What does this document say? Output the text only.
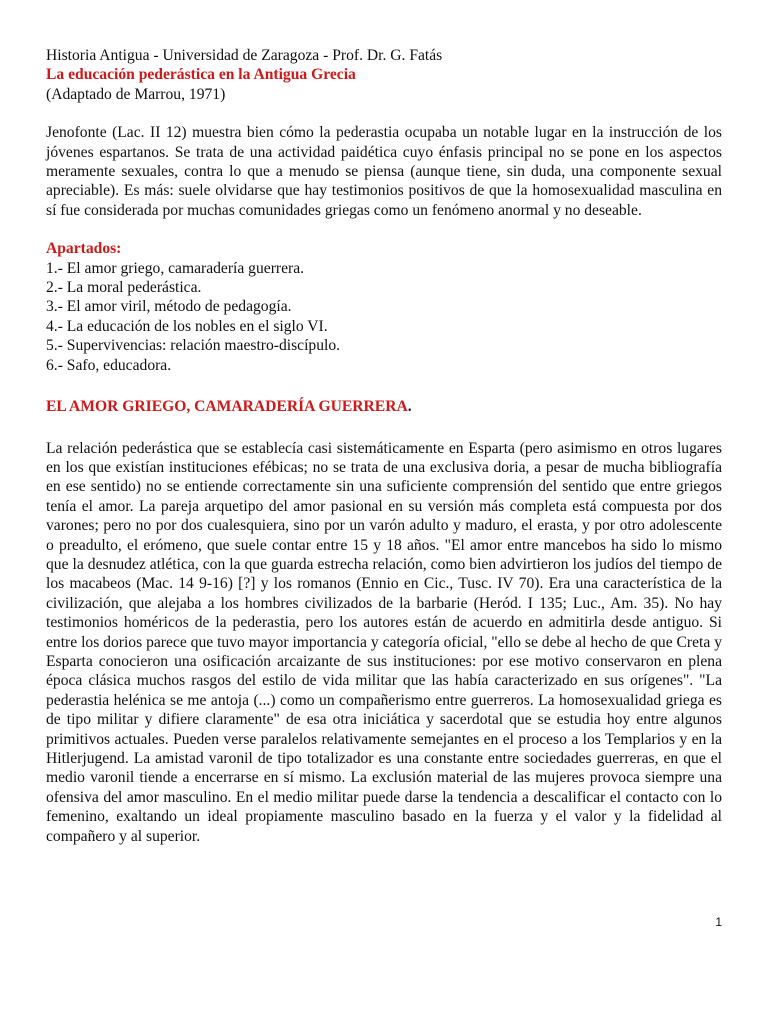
Historia Antigua - Universidad de Zaragoza - Prof. Dr. G. Fatás
La educación pederástica en la Antigua Grecia
(Adaptado de Marrou, 1971)
Jenofonte (Lac. II 12) muestra bien cómo la pederastia ocupaba un notable lugar en la instrucción de los jóvenes espartanos. Se trata de una actividad paidética cuyo énfasis principal no se pone en los aspectos meramente sexuales, contra lo que a menudo se piensa (aunque tiene, sin duda, una componente sexual apreciable). Es más: suele olvidarse que hay testimonios positivos de que la homosexualidad masculina en sí fue considerada por muchas comunidades griegas como un fenómeno anormal y no deseable.
Apartados:
1.- El amor griego, camaradería guerrera.
2.- La moral pederástica.
3.- El amor viril, método de pedagogía.
4.- La educación de los nobles en el siglo VI.
5.- Supervivencias: relación maestro-discípulo.
6.- Safo, educadora.
EL AMOR GRIEGO, CAMARADERÍA GUERRERA.
La relación pederástica que se establecía casi sistemáticamente en Esparta (pero asimismo en otros lugares en los que existían instituciones efébicas; no se trata de una exclusiva doria, a pesar de mucha bibliografía en ese sentido) no se entiende correctamente sin una suficiente comprensión del sentido que entre griegos tenía el amor. La pareja arquetipo del amor pasional en su versión más completa está compuesta por dos varones; pero no por dos cualesquiera, sino por un varón adulto y maduro, el erasta, y por otro adolescente o preadulto, el erómeno, que suele contar entre 15 y 18 años. "El amor entre mancebos ha sido lo mismo que la desnudez atlética, con la que guarda estrecha relación, como bien advirtieron los judíos del tiempo de los macabeos (Mac. 14 9-16) [?] y los romanos (Ennio en Cic., Tusc. IV 70). Era una característica de la civilización, que alejaba a los hombres civilizados de la barbarie (Heród. I 135; Luc., Am. 35). No hay testimonios homéricos de la pederastia, pero los autores están de acuerdo en admitirla desde antiguo. Si entre los dorios parece que tuvo mayor importancia y categoría oficial, "ello se debe al hecho de que Creta y Esparta conocieron una osificación arcaizante de sus instituciones: por ese motivo conservaron en plena época clásica muchos rasgos del estilo de vida militar que las había caracterizado en sus orígenes". "La pederastia helénica se me antoja (...) como un compañerismo entre guerreros. La homosexualidad griega es de tipo militar y difiere claramente" de esa otra iniciática y sacerdotal que se estudia hoy entre algunos primitivos actuales. Pueden verse paralelos relativamente semejantes en el proceso a los Templarios y en la Hitlerjugend. La amistad varonil de tipo totalizador es una constante entre sociedades guerreras, en que el medio varonil tiende a encerrarse en sí mismo. La exclusión material de las mujeres provoca siempre una ofensiva del amor masculino. En el medio militar puede darse la tendencia a descalificar el contacto con lo femenino, exaltando un ideal propiamente masculino basado en la fuerza y el valor y la fidelidad al compañero y al superior.
1
